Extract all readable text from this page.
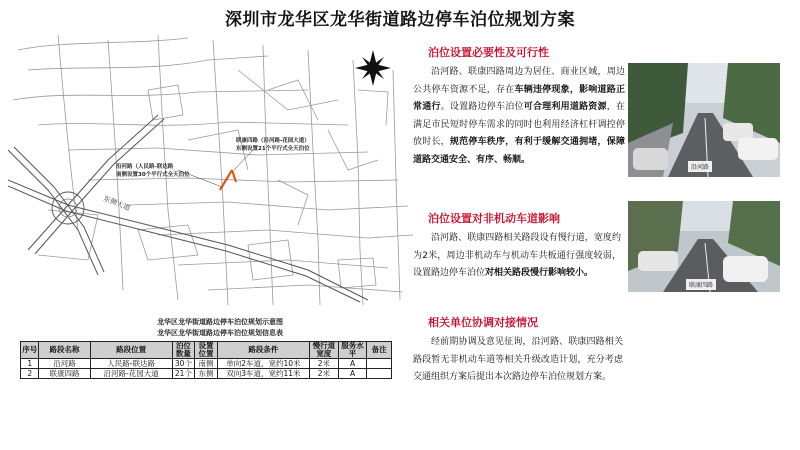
深圳市龙华区龙华街道路边停车泊位规划方案
东侧大道
沿河路（人民路-联达路
南侧设置30个平行式全天泊位
联康四路（沿河路-花园大道）
东侧设置21个平行式全天泊位
龙华区龙华街道路边停车泊位规划示意图
龙华区龙华街道路边停车泊位规划信息表
序号	路段名称	路段位置	泊位数量	设置位置	路段条件	慢行道宽度	服务水平	备注
1	沿河路	人民路-联达路	30个	南侧	单向2车道，宽约10米	2米	A	
2	联康四路	沿河路-花园大道	21个	东侧	双向3车道，宽约11米	2米	A	
泊位设置必要性及可行性
沿河路、联康四路周边为居住、商业区域，周边公共停车资源不足，存在车辆违停现象，影响道路正常通行。设置路边停车泊位可合理利用道路资源，在满足市民短时停车需求的同时也利用经济杠杆调控停放时长，规范停车秩序，有利于缓解交通拥堵，保障道路交通安全、有序、畅顺。
泊位设置对非机动车道影响
沿河路、联康四路相关路段设有慢行道，宽度约为2米，周边非机动车与机动车共板通行强度较弱，设置路边停车泊位对相关路段慢行影响较小。
相关单位协调对接情况
经前期协调及意见征询，沿河路、联康四路相关路段暂无非机动车道等相关升级改造计划，充分考虑交通组织方案后提出本次路边停车泊位规划方案。
沿河路
联康四路
